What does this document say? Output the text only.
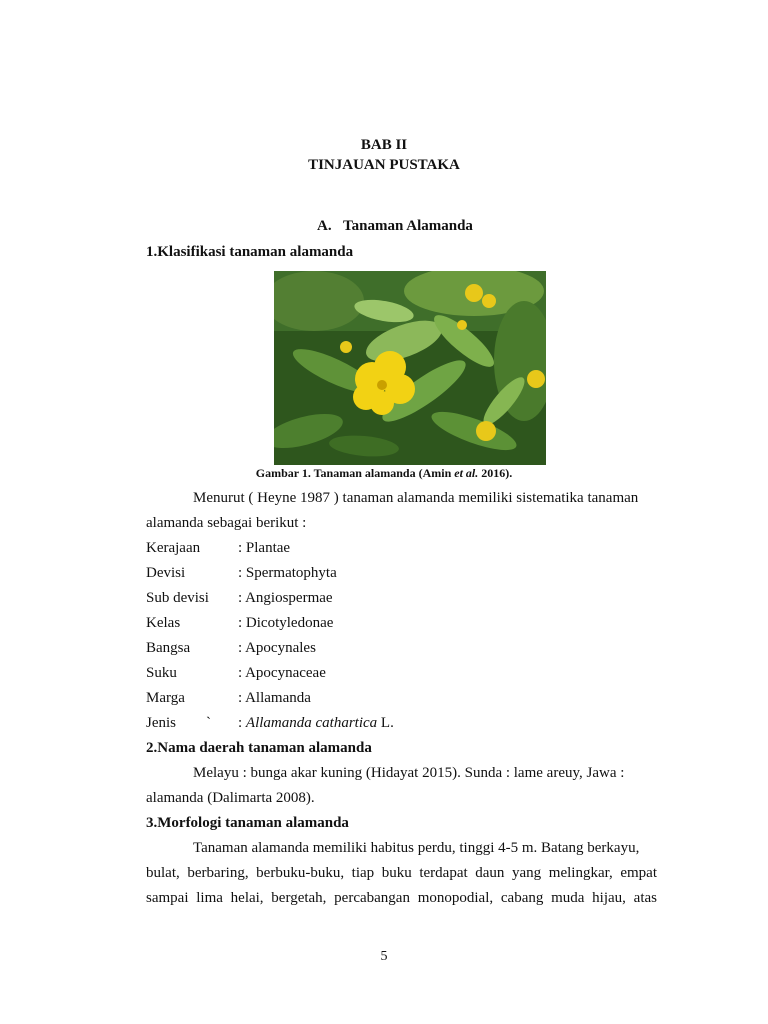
BAB II
TINJAUAN PUSTAKA
A. Tanaman Alamanda
1.Klasifikasi tanaman alamanda
Gambar 1. Tanaman alamanda (Amin et al. 2016).
Menurut ( Heyne 1987 ) tanaman alamanda memiliki sistematika tanaman
alamanda sebagai berikut :
Kerajaan	: Plantae
Devisi	: Spermatophyta
Sub devisi : Angiospermae
Kelas	: Dicotyledonae
Bangsa	: Apocynales
Suku	: Apocynaceae
Marga	: Allamanda
Jenis ` : Allamanda cathartica L.
2.Nama daerah tanaman alamanda
Melayu : bunga akar kuning (Hidayat 2015). Sunda : lame areuy, Jawa :
alamanda (Dalimarta 2008).
3.Morfologi tanaman alamanda
Tanaman alamanda memiliki habitus perdu, tinggi 4-5 m. Batang berkayu,
bulat, berbaring, berbuku-buku, tiap buku terdapat daun yang melingkar, empat
sampai lima helai, bergetah, percabangan monopodial, cabang muda hijau, atas
5
